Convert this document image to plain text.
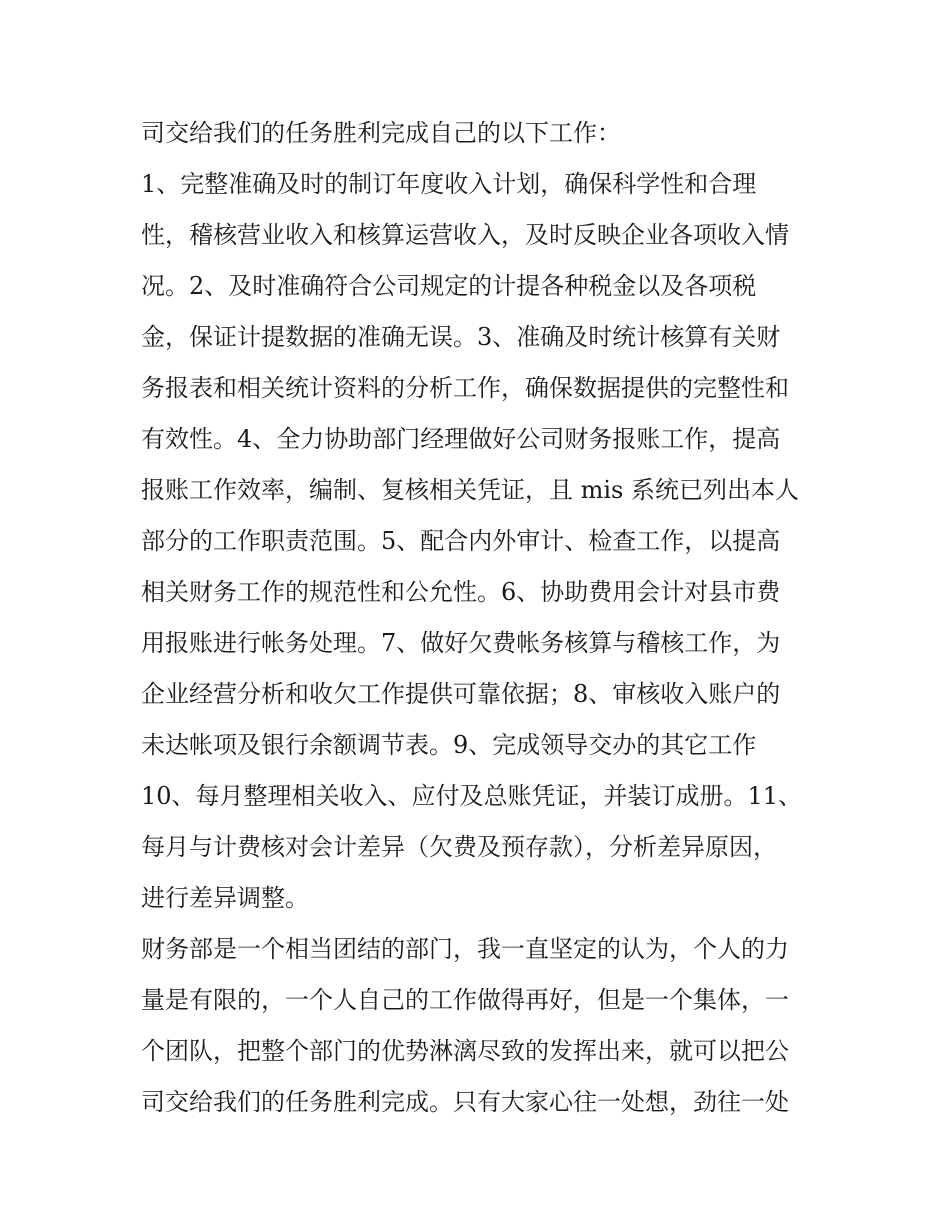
司交给我们的任务胜利完成自己的以下工作：
1、完整准确及时的制订年度收入计划，确保科学性和合理
性，稽核营业收入和核算运营收入，及时反映企业各项收入情
况。2、及时准确符合公司规定的计提各种税金以及各项税
金，保证计提数据的准确无误。3、准确及时统计核算有关财
务报表和相关统计资料的分析工作，确保数据提供的完整性和
有效性。4、全力协助部门经理做好公司财务报账工作，提高
报账工作效率，编制、复核相关凭证，且 mis 系统已列出本人
部分的工作职责范围。5、配合内外审计、检查工作，以提高
相关财务工作的规范性和公允性。6、协助费用会计对县市费
用报账进行帐务处理。7、做好欠费帐务核算与稽核工作，为
企业经营分析和收欠工作提供可靠依据；8、审核收入账户的
未达帐项及银行余额调节表。9、完成领导交办的其它工作
10、每月整理相关收入、应付及总账凭证，并装订成册。11、
每月与计费核对会计差异（欠费及预存款），分析差异原因，
进行差异调整。
财务部是一个相当团结的部门，我一直坚定的认为，个人的力
量是有限的，一个人自己的工作做得再好，但是一个集体，一
个团队，把整个部门的优势淋漓尽致的发挥出来，就可以把公
司交给我们的任务胜利完成。只有大家心往一处想，劲往一处
